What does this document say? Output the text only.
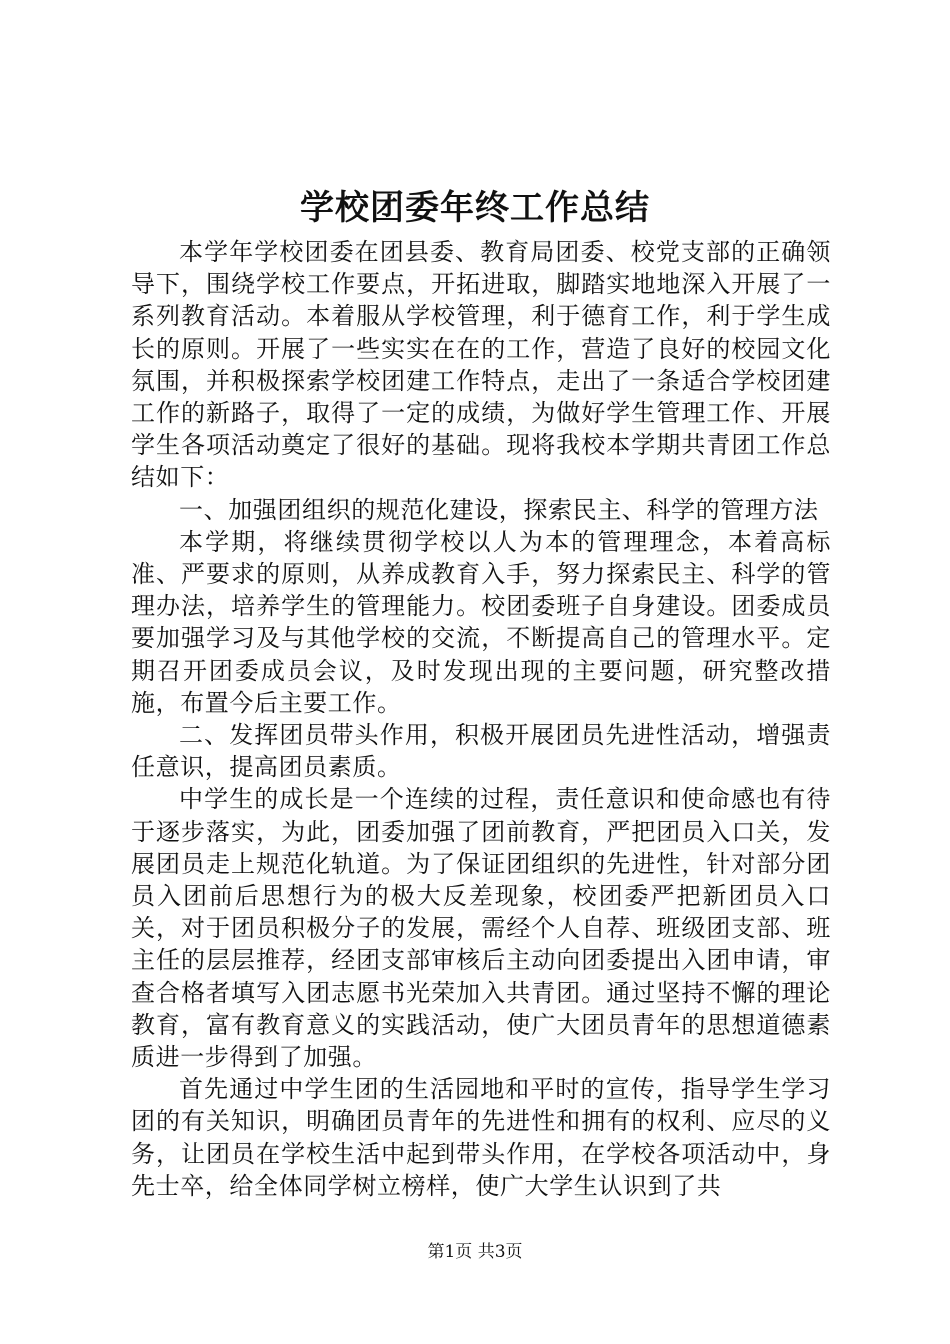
学校团委年终工作总结

本学年学校团委在团县委、教育局团委、校党支部的正确领导下，围绕学校工作要点，开拓进取，脚踏实地地深入开展了一系列教育活动。本着服从学校管理，利于德育工作，利于学生成长的原则。开展了一些实实在在的工作，营造了良好的校园文化氛围，并积极探索学校团建工作特点，走出了一条适合学校团建工作的新路子，取得了一定的成绩，为做好学生管理工作、开展学生各项活动奠定了很好的基础。现将我校本学期共青团工作总结如下：

一、加强团组织的规范化建设，探索民主、科学的管理方法

本学期，将继续贯彻学校以人为本的管理理念，本着高标准、严要求的原则，从养成教育入手，努力探索民主、科学的管理办法，培养学生的管理能力。校团委班子自身建设。团委成员要加强学习及与其他学校的交流，不断提高自己的管理水平。定期召开团委成员会议，及时发现出现的主要问题，研究整改措施，布置今后主要工作。

二、发挥团员带头作用，积极开展团员先进性活动，增强责任意识，提高团员素质。

中学生的成长是一个连续的过程，责任意识和使命感也有待于逐步落实，为此，团委加强了团前教育，严把团员入口关，发展团员走上规范化轨道。为了保证团组织的先进性，针对部分团员入团前后思想行为的极大反差现象，校团委严把新团员入口关，对于团员积极分子的发展，需经个人自荐、班级团支部、班主任的层层推荐，经团支部审核后主动向团委提出入团申请，审查合格者填写入团志愿书光荣加入共青团。通过坚持不懈的理论教育，富有教育意义的实践活动，使广大团员青年的思想道德素质进一步得到了加强。

首先通过中学生团的生活园地和平时的宣传，指导学生学习团的有关知识，明确团员青年的先进性和拥有的权利、应尽的义务，让团员在学校生活中起到带头作用，在学校各项活动中，身先士卒，给全体同学树立榜样，使广大学生认识到了共

第1页 共3页
